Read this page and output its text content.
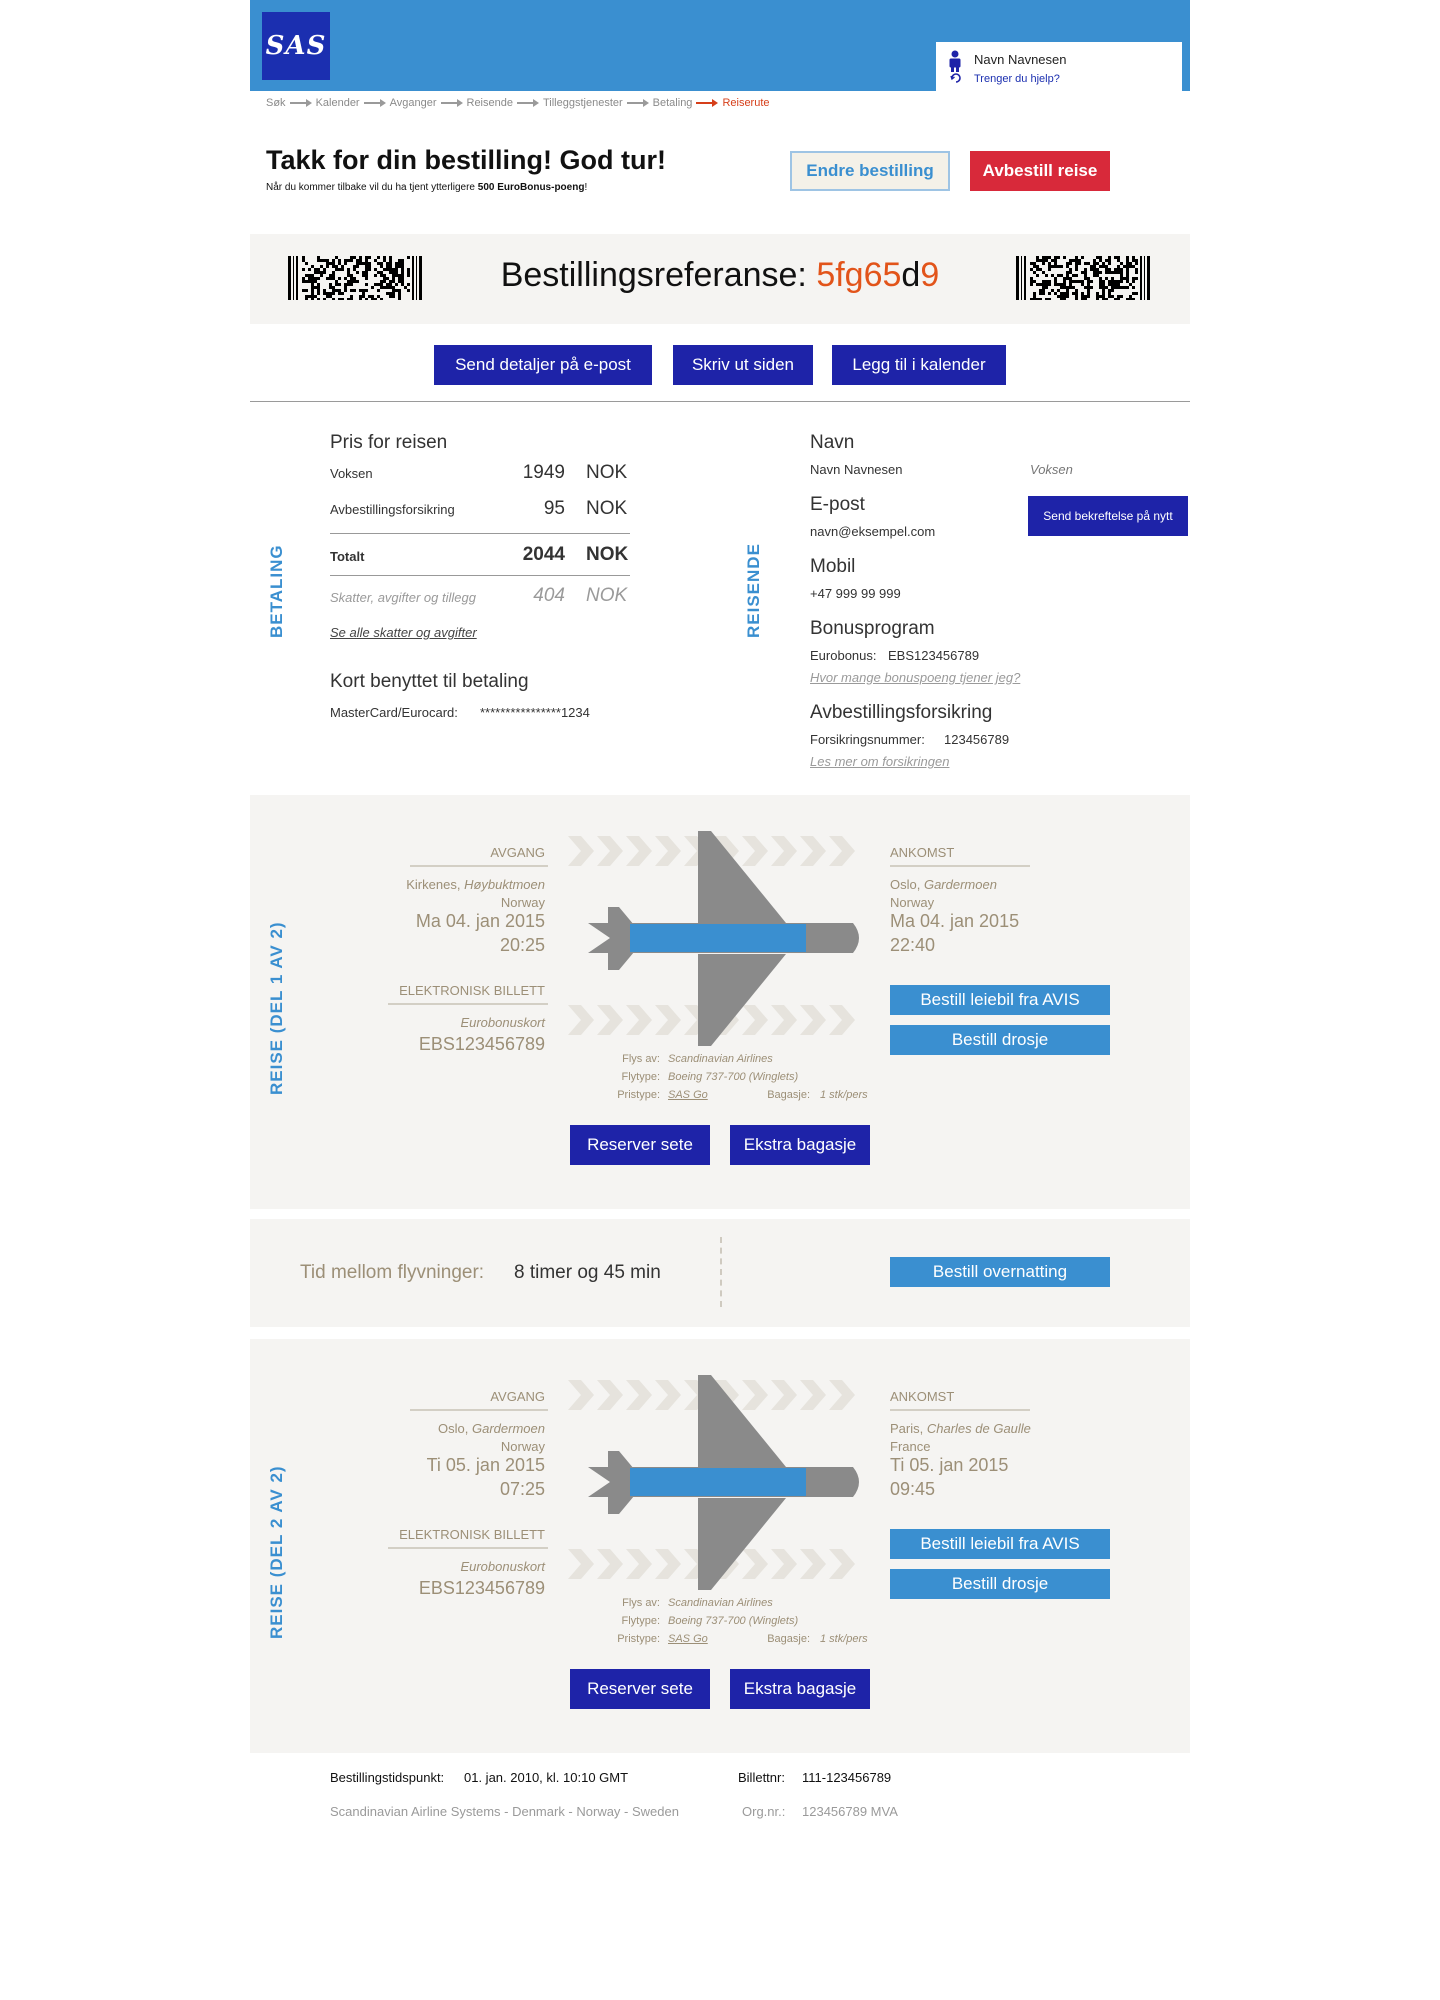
SAS	Navn Navnesen
Trenger du hjelp?
Søk	Kalender	Avganger	Reisende	Tilleggstjenester	Betaling	Reiserute
Takk for din bestilling! God tur!
Når du kommer tilbake vil du ha tjent ytterligere 500 EuroBonus-poeng!
Endre bestilling	Avbestill reise
Bestillingsreferanse: 5fg65d9
Send detaljer på e-post	Skriv ut siden	Legg til i kalender
BETALING
Pris for reisen
Voksen	1949 NOK
Avbestillingsforsikring	95 NOK
Totalt	2044 NOK
Skatter, avgifter og tillegg	404 NOK
Se alle skatter og avgifter
Kort benyttet til betaling
MasterCard/Eurocard: ****************1234
REISENDE
Navn
Navn Navnesen	Voksen
E-post
navn@eksempel.com
Send bekreftelse på nytt
Mobil
+47 999 99 999
Bonusprogram
Eurobonus: EBS123456789
Hvor mange bonuspoeng tjener jeg?
Avbestillingsforsikring
Forsikringsnummer: 123456789
Les mer om forsikringen
REISE (DEL 1 AV 2)
AVGANG
Kirkenes, Høybuktmoen
Norway
Ma 04. jan 2015
20:25
ELEKTRONISK BILLETT
Eurobonuskort
EBS123456789
Flys av: Scandinavian Airlines
Flytype: Boeing 737-700 (Winglets)
Pristype: SAS Go	Bagasje: 1 stk/pers
ANKOMST
Oslo, Gardermoen
Norway
Ma 04. jan 2015
22:40
Bestill leiebil fra AVIS
Bestill drosje
Reserver sete	Ekstra bagasje
Tid mellom flyvninger: 8 timer og 45 min	Bestill overnatting
REISE (DEL 2 AV 2)
AVGANG
Oslo, Gardermoen
Norway
Ti 05. jan 2015
07:25
ELEKTRONISK BILLETT
Eurobonuskort
EBS123456789
Flys av: Scandinavian Airlines
Flytype: Boeing 737-700 (Winglets)
Pristype: SAS Go	Bagasje: 1 stk/pers
ANKOMST
Paris, Charles de Gaulle
France
Ti 05. jan 2015
09:45
Bestill leiebil fra AVIS
Bestill drosje
Reserver sete	Ekstra bagasje
Bestillingstidspunkt: 01. jan. 2010, kl. 10:10 GMT	Billettnr: 111-123456789
Scandinavian Airline Systems - Denmark - Norway - Sweden	Org.nr.: 123456789 MVA
